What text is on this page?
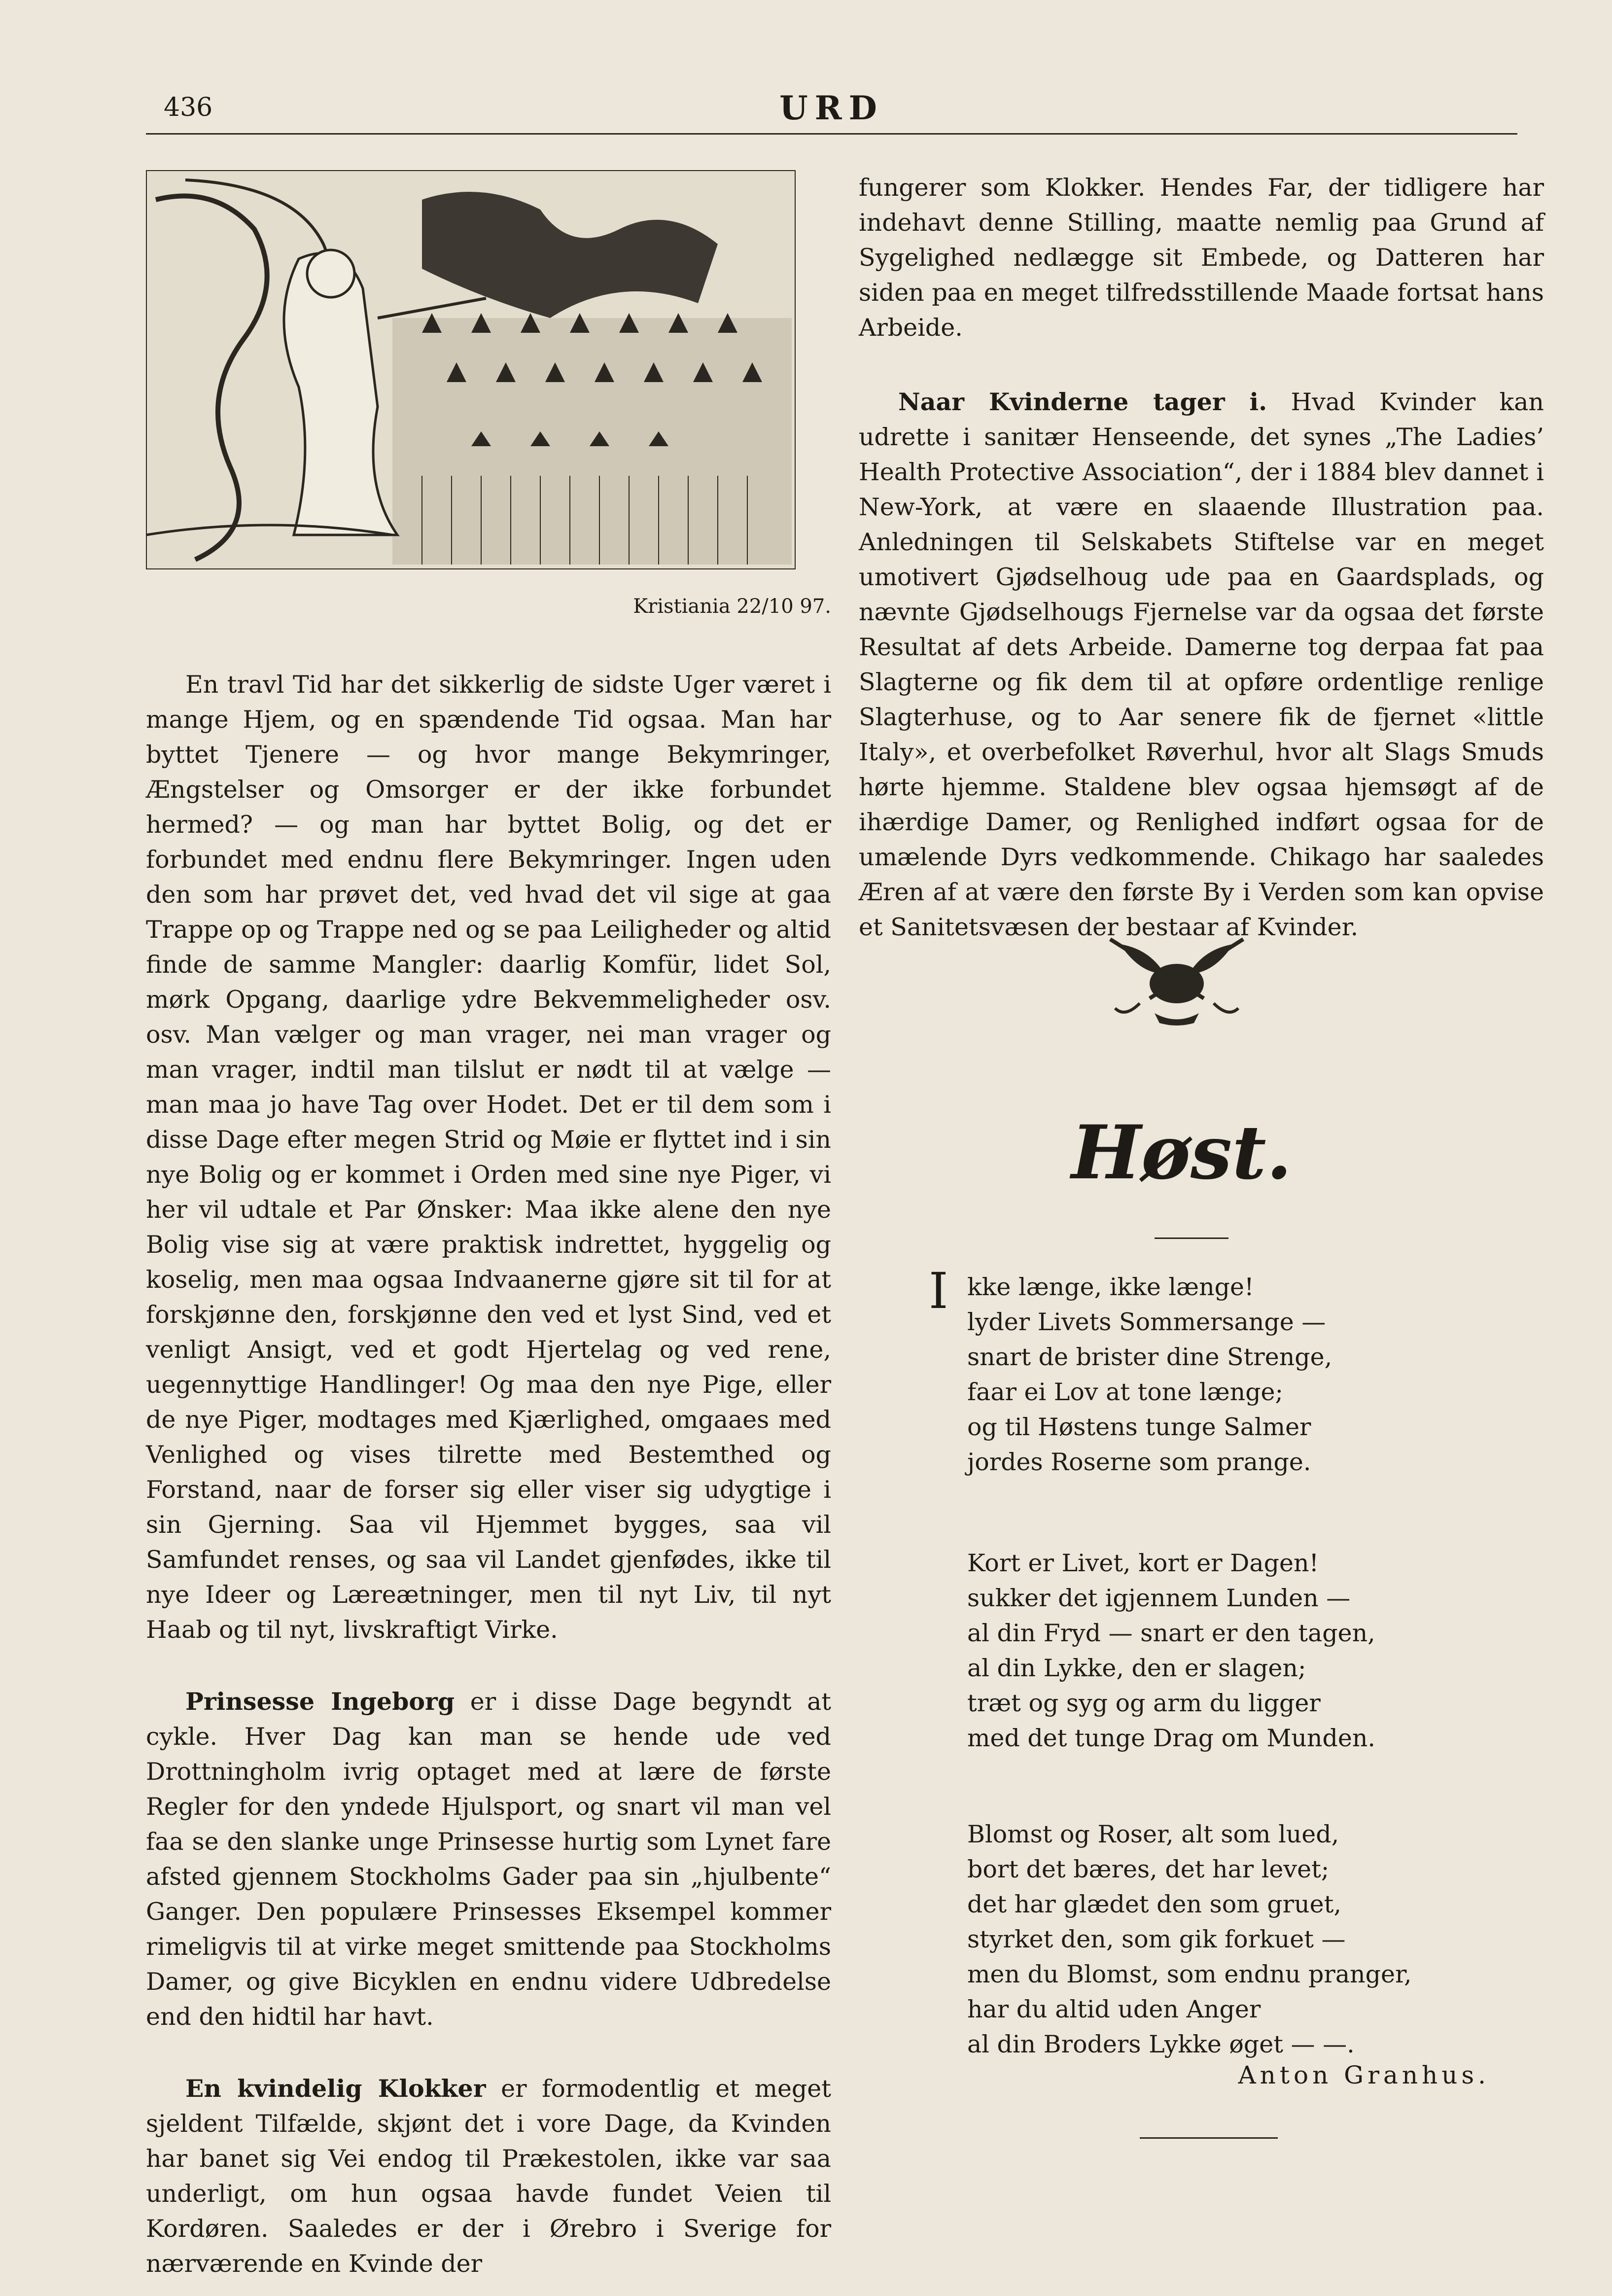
436	URD
Kristiania 22/10 97.

En travl Tid har det sikkerlig de sidste Uger været i mange Hjem, og en spændende Tid ogsaa. Man har byttet Tjenere — og hvor mange Bekymringer, Ængstelser og Omsorger er der ikke forbundet hermed? — og man har byttet Bolig, og det er forbundet med endnu flere Bekymringer. Ingen uden den som har prøvet det, ved hvad det vil sige at gaa Trappe op og Trappe ned og se paa Leiligheder og altid finde de samme Mangler: daarlig Komfür, lidet Sol, mørk Opgang, daarlige ydre Bekvemmeligheder osv. osv. Man vælger og man vrager, nei man vrager og man vrager, indtil man tilslut er nødt til at vælge — man maa jo have Tag over Hodet. Det er til dem som i disse Dage efter megen Strid og Møie er flyttet ind i sin nye Bolig og er kommet i Orden med sine nye Piger, vi her vil udtale et Par Ønsker: Maa ikke alene den nye Bolig vise sig at være praktisk indrettet, hyggelig og koselig, men maa ogsaa Indvaanerne gjøre sit til for at forskjønne den, forskjønne den ved et lyst Sind, ved et venligt Ansigt, ved et godt Hjertelag og ved rene, uegennyttige Handlinger! Og maa den nye Pige, eller de nye Piger, modtages med Kjærlighed, omgaaes med Venlighed og vises tilrette med Bestemthed og Forstand, naar de forser sig eller viser sig udygtige i sin Gjerning. Saa vil Hjemmet bygges, saa vil Samfundet renses, og saa vil Landet gjenfødes, ikke til nye Ideer og Læreætninger, men til nyt Liv, til nyt Haab og til nyt, livskraftigt Virke.

Prinsesse Ingeborg er i disse Dage begyndt at cykle. Hver Dag kan man se hende ude ved Drottningholm ivrig optaget med at lære de første Regler for den yndede Hjulsport, og snart vil man vel faa se den slanke unge Prinsesse hurtig som Lynet fare afsted gjennem Stockholms Gader paa sin „hjulbente“ Ganger. Den populære Prinsesses Eksempel kommer rimeligvis til at virke meget smittende paa Stockholms Damer, og give Bicyklen en endnu videre Udbredelse end den hidtil har havt.

En kvindelig Klokker er formodentlig et meget sjeldent Tilfælde, skjønt det i vore Dage, da Kvinden har banet sig Vei endog til Prækestolen, ikke var saa underligt, om hun ogsaa havde fundet Veien til Kordøren. Saaledes er der i Ørebro i Sverige for nærværende en Kvinde der

fungerer som Klokker. Hendes Far, der tidligere har indehavt denne Stilling, maatte nemlig paa Grund af Sygelighed nedlægge sit Embede, og Datteren har siden paa en meget tilfredsstillende Maade fortsat hans Arbeide.

Naar Kvinderne tager i. Hvad Kvinder kan udrette i sanitær Henseende, det synes „The Ladies’ Health Protective Association“, der i 1884 blev dannet i New-York, at være en slaaende Illustration paa. Anledningen til Selskabets Stiftelse var en meget umotivert Gjødselhoug ude paa en Gaardsplads, og nævnte Gjødselhougs Fjernelse var da ogsaa det første Resultat af dets Arbeide. Damerne tog derpaa fat paa Slagterne og fik dem til at opføre ordentlige renlige Slagterhuse, og to Aar senere fik de fjernet «little Italy», et overbefolket Røverhul, hvor alt Slags Smuds hørte hjemme. Staldene blev ogsaa hjemsøgt af de ihærdige Damer, og Renlighed indført ogsaa for de umælende Dyrs vedkommende. Chikago har saaledes Æren af at være den første By i Verden som kan opvise et Sanitetsvæsen der bestaar af Kvinder.

Høst.
I kke længe, ikke længe!
lyder Livets Sommersange —
snart de brister dine Strenge,
faar ei Lov at tone længe;
og til Høstens tunge Salmer
jordes Roserne som prange.
Kort er Livet, kort er Dagen!
sukker det igjennem Lunden —
al din Fryd — snart er den tagen,
al din Lykke, den er slagen;
træt og syg og arm du ligger
med det tunge Drag om Munden.
Blomst og Roser, alt som lued,
bort det bæres, det har levet;
det har glædet den som gruet,
styrket den, som gik forkuet —
men du Blomst, som endnu pranger,
har du altid uden Anger
al din Broders Lykke øget — —.
Anton Granhus.
